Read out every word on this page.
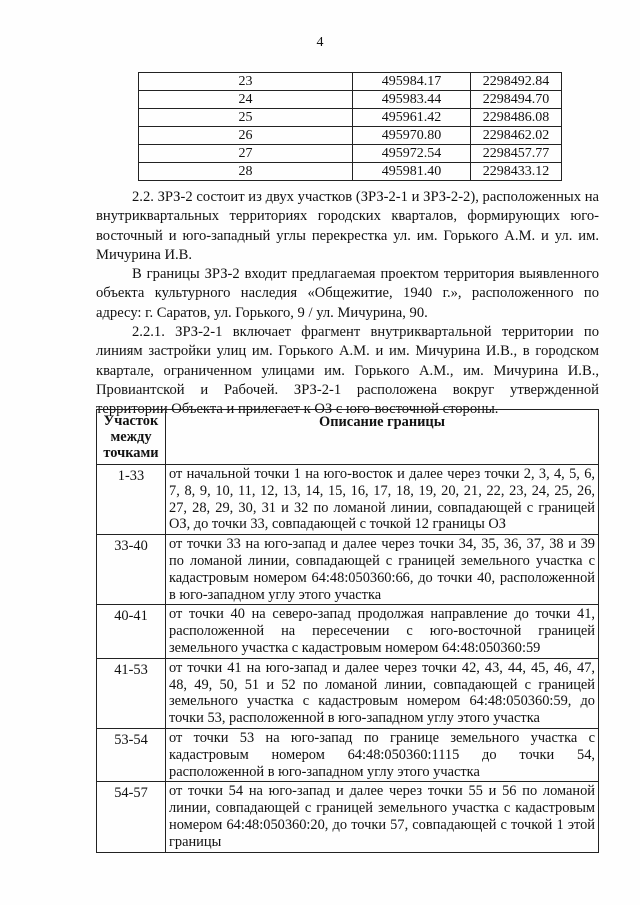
4
23	495984.17	2298492.84
24	495983.44	2298494.70
25	495961.42	2298486.08
26	495970.80	2298462.02
27	495972.54	2298457.77
28	495981.40	2298433.12

2.2. ЗРЗ-2 состоит из двух участков (ЗРЗ-2-1 и ЗРЗ-2-2), расположенных на внутриквартальных территориях городских кварталов, формирующих юго-восточный и юго-западный углы перекрестка ул. им. Горького А.М. и ул. им. Мичурина И.В.

В границы ЗРЗ-2 входит предлагаемая проектом территория выявленного объекта культурного наследия «Общежитие, 1940 г.», расположенного по адресу: г. Саратов, ул. Горького, 9 / ул. Мичурина, 90.

2.2.1. ЗРЗ-2-1 включает фрагмент внутриквартальной территории по линиям застройки улиц им. Горького А.М. и им. Мичурина И.В., в городском квартале, ограниченном улицами им. Горького А.М., им. Мичурина И.В., Провиантской и Рабочей. ЗРЗ-2-1 расположена вокруг утвержденной территории Объекта и прилегает к ОЗ с юго-восточной стороны.

Участок между точками	Описание границы
1-33	от начальной точки 1 на юго-восток и далее через точки 2, 3, 4, 5, 6, 7, 8, 9, 10, 11, 12, 13, 14, 15, 16, 17, 18, 19, 20, 21, 22, 23, 24, 25, 26, 27, 28, 29, 30, 31 и 32 по ломаной линии, совпадающей с границей ОЗ, до точки 33, совпадающей с точкой 12 границы ОЗ
33-40	от точки 33 на юго-запад и далее через точки 34, 35, 36, 37, 38 и 39 по ломаной линии, совпадающей с границей земельного участка с кадастровым номером 64:48:050360:66, до точки 40, расположенной в юго-западном углу этого участка
40-41	от точки 40 на северо-запад продолжая направление до точки 41, расположенной на пересечении с юго-восточной границей земельного участка с кадастровым номером 64:48:050360:59
41-53	от точки 41 на юго-запад и далее через точки 42, 43, 44, 45, 46, 47, 48, 49, 50, 51 и 52 по ломаной линии, совпадающей с границей земельного участка с кадастровым номером 64:48:050360:59, до точки 53, расположенной в юго-западном углу этого участка
53-54	от точки 53 на юго-запад по границе земельного участка с кадастровым номером 64:48:050360:1115 до точки 54, расположенной в юго-западном углу этого участка
54-57	от точки 54 на юго-запад и далее через точки 55 и 56 по ломаной линии, совпадающей с границей земельного участка с кадастровым номером 64:48:050360:20, до точки 57, совпадающей с точкой 1 этой границы
